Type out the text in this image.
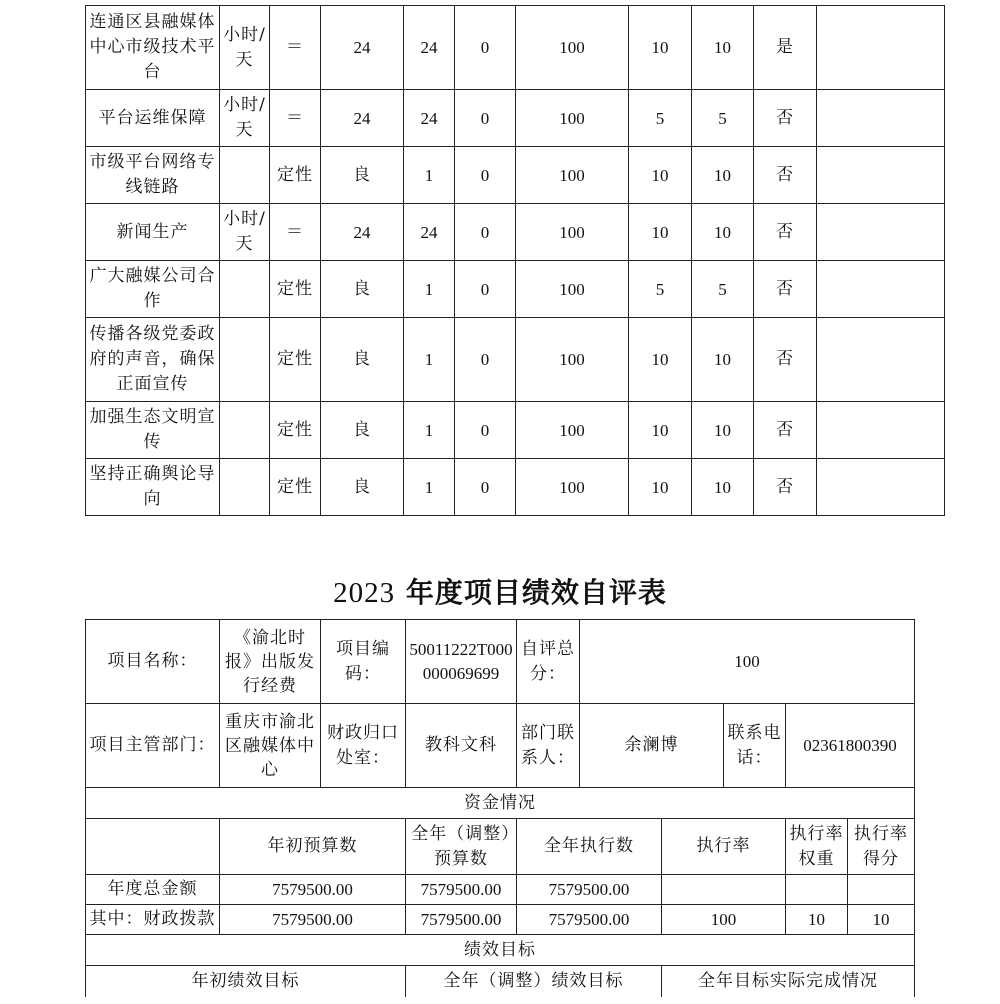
连通区县融媒体中心市级技术平台	小时/天	＝	24	24	0	100	10	10	是	
平台运维保障	小时/天	＝	24	24	0	100	5	5	否	
市级平台网络专线链路		定性	良	1	0	100	10	10	否	
新闻生产	小时/天	＝	24	24	0	100	10	10	否	
广大融媒公司合作		定性	良	1	0	100	5	5	否	
传播各级党委政府的声音，确保正面宣传		定性	良	1	0	100	10	10	否	
加强生态文明宣传		定性	良	1	0	100	10	10	否	
坚持正确舆论导向		定性	良	1	0	100	10	10	否	
2023 年度项目绩效自评表
项目名称：	《渝北时报》出版发行经费	项目编码：	50011222T000000069699	自评总分：	100				
项目主管部门：	重庆市渝北区融媒体中心	财政归口处室：	教科文科	部门联系人：	余澜博		联系电话：	02361800390	
资金情况									
	年初预算数		全年（调整）预算数	全年执行数		执行率		执行率权重	执行率得分
年度总金额	7579500.00		7579500.00	7579500.00					
其中：财政拨款	7579500.00		7579500.00	7579500.00		100		10	10
绩效目标									
年初绩效目标			全年（调整）绩效目标			全年目标实际完成情况			
